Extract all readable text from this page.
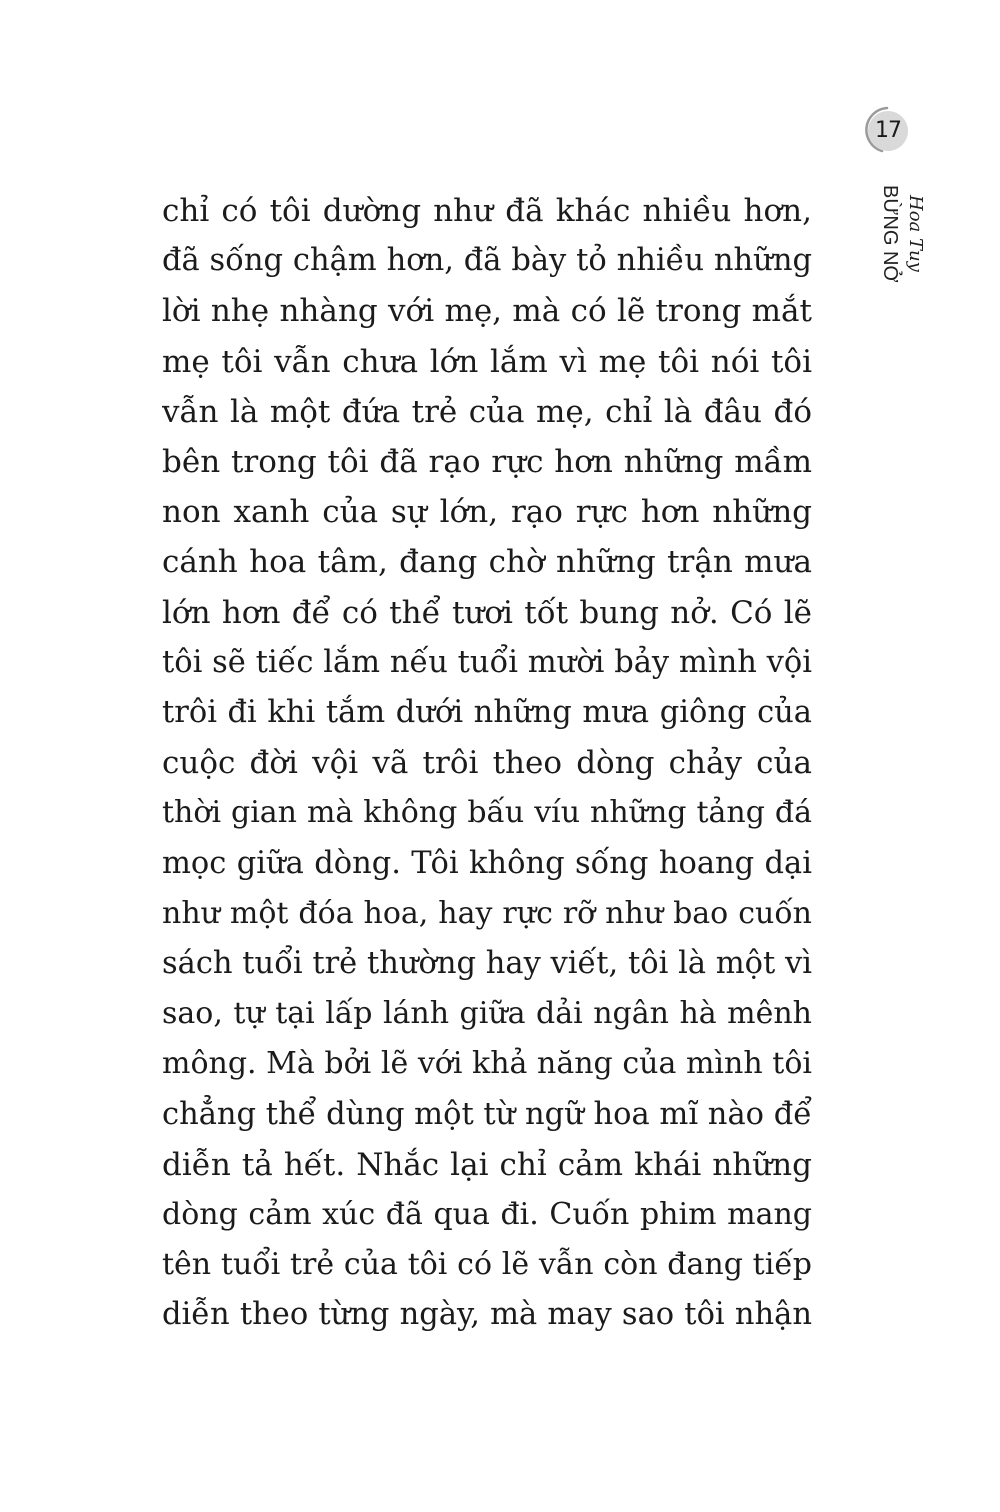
17
BỪNG NỞ Hoa Tuy
chỉ có tôi dường như đã khác nhiều hơn,
đã sống chậm hơn, đã bày tỏ nhiều những
lời nhẹ nhàng với mẹ, mà có lẽ trong mắt
mẹ tôi vẫn chưa lớn lắm vì mẹ tôi nói tôi
vẫn là một đứa trẻ của mẹ, chỉ là đâu đó
bên trong tôi đã rạo rực hơn những mầm
non xanh của sự lớn, rạo rực hơn những
cánh hoa tâm, đang chờ những trận mưa
lớn hơn để có thể tươi tốt bung nở. Có lẽ
tôi sẽ tiếc lắm nếu tuổi mười bảy mình vội
trôi đi khi tắm dưới những mưa giông của
cuộc đời vội vã trôi theo dòng chảy của
thời gian mà không bấu víu những tảng đá
mọc giữa dòng. Tôi không sống hoang dại
như một đóa hoa, hay rực rỡ như bao cuốn
sách tuổi trẻ thường hay viết, tôi là một vì
sao, tự tại lấp lánh giữa dải ngân hà mênh
mông. Mà bởi lẽ với khả năng của mình tôi
chẳng thể dùng một từ ngữ hoa mĩ nào để
diễn tả hết. Nhắc lại chỉ cảm khái những
dòng cảm xúc đã qua đi. Cuốn phim mang
tên tuổi trẻ của tôi có lẽ vẫn còn đang tiếp
diễn theo từng ngày, mà may sao tôi nhận
